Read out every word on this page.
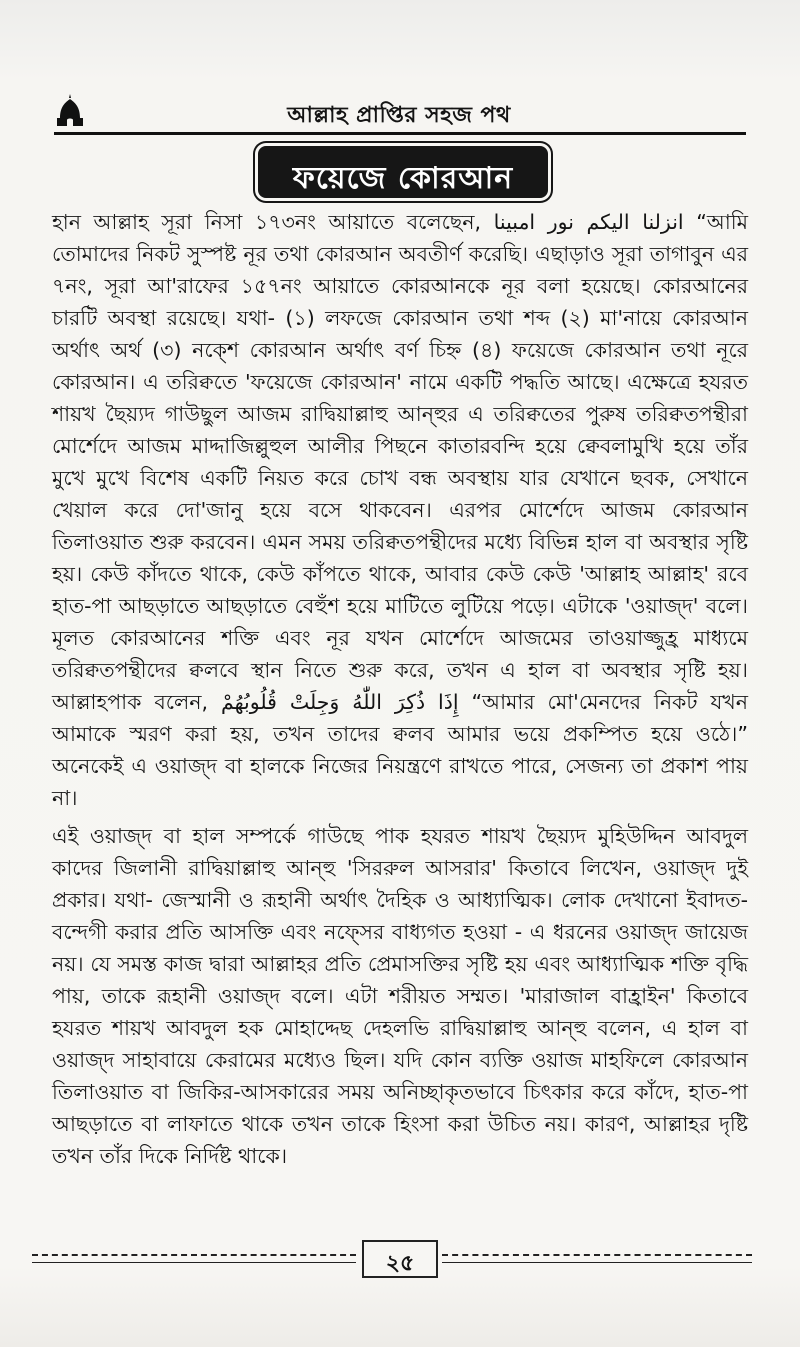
আল্লাহ প্রাপ্তির সহজ পথ
ফয়েজে কোরআন

হান আল্লাহ সূরা নিসা ১৭৩নং আয়াতে বলেছেন, انزلنا اليكم نور امبينا “আমি তোমাদের নিকট সুস্পষ্ট নূর তথা কোরআন অবতীর্ণ করেছি। এছাড়াও সূরা তাগাবুন এর ৭নং, সূরা আ'রাফের ১৫৭নং আয়াতে কোরআনকে নূর বলা হয়েছে। কোরআনের চারটি অবস্থা রয়েছে। যথা- (১) লফজে কোরআন তথা শব্দ (২) মা'নায়ে কোরআন অর্থাৎ অর্থ (৩) নক্শে কোরআন অর্থাৎ বর্ণ চিহ্ন (৪) ফয়েজে কোরআন তথা নূরে কোরআন। এ তরিক্বতে 'ফয়েজে কোরআন' নামে একটি পদ্ধতি আছে। এক্ষেত্রে হযরত শায়খ ছৈয়্যদ গাউছুল আজম রাদ্বিয়াল্লাহু আন্হুর এ তরিক্বতের পুরুষ তরিক্বতপন্থীরা মোর্শেদে আজম মাদ্দাজিল্লুহুল আলীর পিছনে কাতারবন্দি হয়ে ক্বেবলামুখি হয়ে তাঁর মুখে মুখে বিশেষ একটি নিয়ত করে চোখ বন্ধ অবস্থায় যার যেখানে ছবক, সেখানে খেয়াল করে দো'জানু হয়ে বসে থাকবেন। এরপর মোর্শেদে আজম কোরআন তিলাওয়াত শুরু করবেন। এমন সময় তরিক্বতপন্থীদের মধ্যে বিভিন্ন হাল বা অবস্থার সৃষ্টি হয়। কেউ কাঁদতে থাকে, কেউ কাঁপতে থাকে, আবার কেউ কেউ 'আল্লাহ আল্লাহ' রবে হাত-পা আছড়াতে আছড়াতে বেহুঁশ হয়ে মাটিতে লুটিয়ে পড়ে। এটাকে 'ওয়াজ্দ' বলে। মূলত কোরআনের শক্তি এবং নূর যখন মোর্শেদে আজমের তাওয়াজ্জুহ্র মাধ্যমে তরিক্বতপন্থীদের ক্বলবে স্থান নিতে শুরু করে, তখন এ হাল বা অবস্থার সৃষ্টি হয়। আল্লাহপাক বলেন, إِذَا ذُكِرَ اللّٰهُ وَجِلَتْ قُلُوبُهُمْ “আমার মো'মেনদের নিকট যখন আমাকে স্মরণ করা হয়, তখন তাদের ক্বলব আমার ভয়ে প্রকম্পিত হয়ে ওঠে।” অনেকেই এ ওয়াজ্দ বা হালকে নিজের নিয়ন্ত্রণে রাখতে পারে, সেজন্য তা প্রকাশ পায় না।

এই ওয়াজ্দ বা হাল সম্পর্কে গাউছে পাক হযরত শায়খ ছৈয়্যদ মুহিউদ্দিন আবদুল কাদের জিলানী রাদ্বিয়াল্লাহু আন্হু 'সিররুল আসরার' কিতাবে লিখেন, ওয়াজ্দ দুই প্রকার। যথা- জেস্মানী ও রূহানী অর্থাৎ দৈহিক ও আধ্যাত্মিক। লোক দেখানো ইবাদত-বন্দেগী করার প্রতি আসক্তি এবং নফ্সের বাধ্যগত হওয়া - এ ধরনের ওয়াজ্দ জায়েজ নয়। যে সমস্ত কাজ দ্বারা আল্লাহর প্রতি প্রেমাসক্তির সৃষ্টি হয় এবং আধ্যাত্মিক শক্তি বৃদ্ধি পায়, তাকে রূহানী ওয়াজ্দ বলে। এটা শরীয়ত সম্মত। 'মারাজাল বাহ্রাইন' কিতাবে হযরত শায়খ আবদুল হক মোহাদ্দেছ দেহলভি রাদ্বিয়াল্লাহু আন্হু বলেন, এ হাল বা ওয়াজ্দ সাহাবায়ে কেরামের মধ্যেও ছিল। যদি কোন ব্যক্তি ওয়াজ মাহফিলে কোরআন তিলাওয়াত বা জিকির-আসকারের সময় অনিচ্ছাকৃতভাবে চিৎকার করে কাঁদে, হাত-পা আছড়াতে বা লাফাতে থাকে তখন তাকে হিংসা করা উচিত নয়। কারণ, আল্লাহর দৃষ্টি তখন তাঁর দিকে নির্দিষ্ট থাকে।

২৫
